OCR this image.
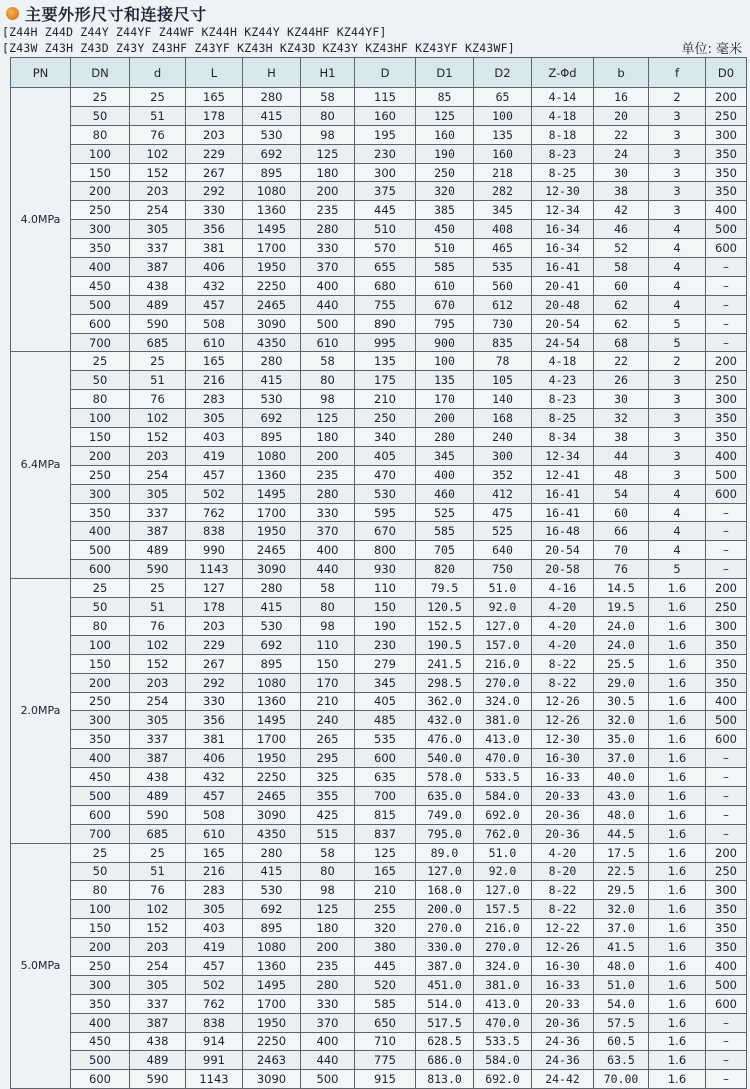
主要外形尺寸和连接尺寸
[Z44H Z44D Z44Y Z44YF Z44WF KZ44H KZ44Y KZ44HF KZ44YF]
[Z43W Z43H Z43D Z43Y Z43HF Z43YF KZ43H KZ43D KZ43Y KZ43HF KZ43YF KZ43WF]	单位: 毫米
PN	DN	d	L	H	H1	D	D1	D2	Z-Φd	b	f	D0
4.0MPa	25	25	165	280	58	115	85	65	4-14	16	2	200
	50	51	178	415	80	160	125	100	4-18	20	3	250
	80	76	203	530	98	195	160	135	8-18	22	3	300
	100	102	229	692	125	230	190	160	8-23	24	3	350
	150	152	267	895	180	300	250	218	8-25	30	3	350
	200	203	292	1080	200	375	320	282	12-30	38	3	350
	250	254	330	1360	235	445	385	345	12-34	42	3	400
	300	305	356	1495	280	510	450	408	16-34	46	4	500
	350	337	381	1700	330	570	510	465	16-34	52	4	600
	400	387	406	1950	370	655	585	535	16-41	58	4	–
	450	438	432	2250	400	680	610	560	20-41	60	4	–
	500	489	457	2465	440	755	670	612	20-48	62	4	–
	600	590	508	3090	500	890	795	730	20-54	62	5	–
	700	685	610	4350	610	995	900	835	24-54	68	5	–
6.4MPa	25	25	165	280	58	135	100	78	4-18	22	2	200
	50	51	216	415	80	175	135	105	4-23	26	3	250
	80	76	283	530	98	210	170	140	8-23	30	3	300
	100	102	305	692	125	250	200	168	8-25	32	3	350
	150	152	403	895	180	340	280	240	8-34	38	3	350
	200	203	419	1080	200	405	345	300	12-34	44	3	400
	250	254	457	1360	235	470	400	352	12-41	48	3	500
	300	305	502	1495	280	530	460	412	16-41	54	4	600
	350	337	762	1700	330	595	525	475	16-41	60	4	–
	400	387	838	1950	370	670	585	525	16-48	66	4	–
	500	489	990	2465	400	800	705	640	20-54	70	4	–
	600	590	1143	3090	440	930	820	750	20-58	76	5	–
2.0MPa	25	25	127	280	58	110	79.5	51.0	4-16	14.5	1.6	200
	50	51	178	415	80	150	120.5	92.0	4-20	19.5	1.6	250
	80	76	203	530	98	190	152.5	127.0	4-20	24.0	1.6	300
	100	102	229	692	110	230	190.5	157.0	4-20	24.0	1.6	350
	150	152	267	895	150	279	241.5	216.0	8-22	25.5	1.6	350
	200	203	292	1080	170	345	298.5	270.0	8-22	29.0	1.6	350
	250	254	330	1360	210	405	362.0	324.0	12-26	30.5	1.6	400
	300	305	356	1495	240	485	432.0	381.0	12-26	32.0	1.6	500
	350	337	381	1700	265	535	476.0	413.0	12-30	35.0	1.6	600
	400	387	406	1950	295	600	540.0	470.0	16-30	37.0	1.6	–
	450	438	432	2250	325	635	578.0	533.5	16-33	40.0	1.6	–
	500	489	457	2465	355	700	635.0	584.0	20-33	43.0	1.6	–
	600	590	508	3090	425	815	749.0	692.0	20-36	48.0	1.6	–
	700	685	610	4350	515	837	795.0	762.0	20-36	44.5	1.6	–
5.0MPa	25	25	165	280	58	125	89.0	51.0	4-20	17.5	1.6	200
	50	51	216	415	80	165	127.0	92.0	8-20	22.5	1.6	250
	80	76	283	530	98	210	168.0	127.0	8-22	29.5	1.6	300
	100	102	305	692	125	255	200.0	157.5	8-22	32.0	1.6	350
	150	152	403	895	180	320	270.0	216.0	12-22	37.0	1.6	350
	200	203	419	1080	200	380	330.0	270.0	12-26	41.5	1.6	350
	250	254	457	1360	235	445	387.0	324.0	16-30	48.0	1.6	400
	300	305	502	1495	280	520	451.0	381.0	16-33	51.0	1.6	500
	350	337	762	1700	330	585	514.0	413.0	20-33	54.0	1.6	600
	400	387	838	1950	370	650	517.5	470.0	20-36	57.5	1.6	–
	450	438	914	2250	400	710	628.5	533.5	24-36	60.5	1.6	–
	500	489	991	2463	440	775	686.0	584.0	24-36	63.5	1.6	–
	600	590	1143	3090	500	915	813.0	692.0	24-42	70.00	1.6	–
